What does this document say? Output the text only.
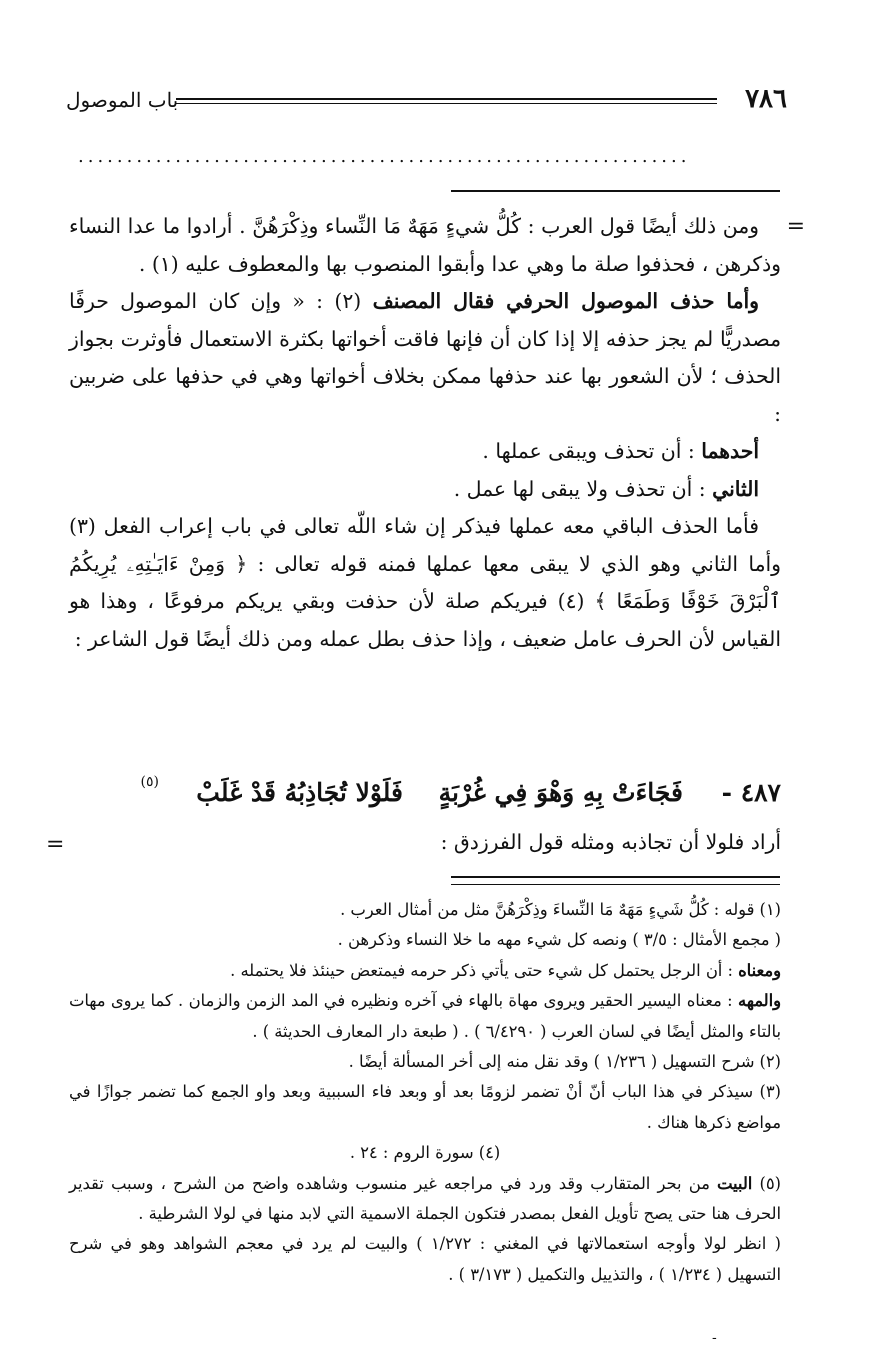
٧٨٦
باب الموصول
...............................................................
=
=

ومن ذلك أيضًا قول العرب : كُلُّ شيءٍ مَهَهٌ مَا النِّساء وذِكْرَهُنَّ . أرادوا ما عدا النساء وذكرهن ، فحذفوا صلة ما وهي عدا وأبقوا المنصوب بها والمعطوف عليه (١) .

وأما حذف الموصول الحرفي فقال المصنف (٢) : « وإن كان الموصول حرفًا مصدريًّا لم يجز حذفه إلا إذا كان أن فإنها فاقت أخواتها بكثرة الاستعمال فأوثرت بجواز الحذف ؛ لأن الشعور بها عند حذفها ممكن بخلاف أخواتها وهي في حذفها على ضربين :

أحدهما : أن تحذف ويبقى عملها .

الثاني : أن تحذف ولا يبقى لها عمل .

فأما الحذف الباقي معه عملها فيذكر إن شاء اللّه تعالى في باب إعراب الفعل (٣) وأما الثاني وهو الذي لا يبقى معها عملها فمنه قوله تعالى : ﴿ وَمِنْ ءَايَـٰتِهِۦ يُرِيكُمُ ٱلْبَرْقَ خَوْفًا وَطَمَعًا ﴾ (٤) فيريكم صلة لأن حذفت وبقي يريكم مرفوعًا ، وهذا هو القياس لأن الحرف عامل ضعيف ، وإذا حذف بطل عمله ومن ذلك أيضًا قول الشاعر :

٤٨٧ -
فَجَاءَتْ بِهِ وَهْوَ فِي غُرْبَةٍ
فَلَوْلا تُجَاذِبُهُ قَدْ غَلَبْ
(٥)
أراد فلولا أن تجاذبه ومثله قول الفرزدق :

(١) قوله : كُلُّ شَيءٍ مَهَهٌ مَا النِّساءَ وذِكْرَهُنَّ مثل من أمثال العرب .

( مجمع الأمثال : ٣/٥ ) ونصه كل شيء مهه ما خلا النساء وذكرهن .

ومعناه : أن الرجل يحتمل كل شيء حتى يأتي ذكر حرمه فيمتعض حينئذ فلا يحتمله .

والمهه : معناه اليسير الحقير ويروى مهاة بالهاء في آخره ونظيره في المد الزمن والزمان . كما يروى مهات بالتاء والمثل أيضًا في لسان العرب ( ٦/٤٢٩٠ ) . ( طبعة دار المعارف الحديثة ) .

(٢) شرح التسهيل ( ١/٢٣٦ ) وقد نقل منه إلى أخر المسألة أيضًا .

(٣) سيذكر في هذا الباب أنّ أنْ تضمر لزومًا بعد أو وبعد فاء السببية وبعد واو الجمع كما تضمر جوازًا في مواضع ذكرها هناك .

(٤) سورة الروم : ٢٤ .

(٥) البيت من بحر المتقارب وقد ورد في مراجعه غير منسوب وشاهده واضح من الشرح ، وسبب تقدير الحرف هنا حتى يصح تأويل الفعل بمصدر فتكون الجملة الاسمية التي لابد منها في لولا الشرطية .

( انظر لولا وأوجه استعمالاتها في المغني : ١/٢٧٢ ) والبيت لم يرد في معجم الشواهد وهو في شرح التسهيل ( ١/٢٣٤ ) ، والتذييل والتكميل ( ٣/١٧٣ ) .

-
